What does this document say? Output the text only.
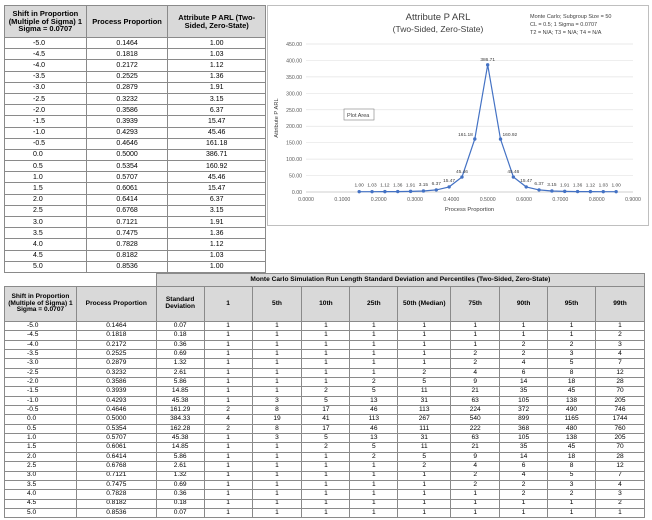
Shift in Proportion (Multiple of Sigma) 1 Sigma = 0.0707	Process Proportion	Attribute P ARL (Two-Sided, Zero-State)
-5.0	0.1464	1.00
-4.5	0.1818	1.03
-4.0	0.2172	1.12
-3.5	0.2525	1.36
-3.0	0.2879	1.91
-2.5	0.3232	3.15
-2.0	0.3586	6.37
-1.5	0.3939	15.47
-1.0	0.4293	45.46
-0.5	0.4646	161.18
0.0	0.5000	386.71
0.5	0.5354	160.92
1.0	0.5707	45.46
1.5	0.6061	15.47
2.0	0.6414	6.37
2.5	0.6768	3.15
3.0	0.7121	1.91
3.5	0.7475	1.36
4.0	0.7828	1.12
4.5	0.8182	1.03
5.0	0.8536	1.00
Attribute P ARL
(Two-Sided, Zero-State)
Monte Carlo; Subgroup Size = 50
CL = 0.5; 1 Sigma = 0.0707
T2 = N/A; T3 = N/A; T4 = N/A
0.00
50.00
100.00
150.00
200.00
250.00
300.00
350.00
400.00
450.00
0.0000	0.1000	0.2000	0.3000	0.4000	0.5000	0.6000	0.7000	0.8000	0.9000
Attribute P ARL
Process Proportion
1.00 1.03 1.12 1.36 1.91 3.15 6.37
15.47
45.46
161.18
386.71
160.92
45.46
15.47
6.37 3.15 1.91 1.36 1.12 1.03 1.00
Plot Area
		Monte Carlo Simulation Run Length Standard Deviation and Percentiles (Two-Sided, Zero-State)									
Shift in Proportion (Multiple of Sigma) 1 Sigma = 0.0707	Process Proportion	Standard Deviation	1	5th	10th	25th	50th (Median)	75th	90th	95th	99th
-5.0	0.1464	0.07	1	1	1	1	1	1	1	1	1
-4.5	0.1818	0.18	1	1	1	1	1	1	1	1	2
-4.0	0.2172	0.36	1	1	1	1	1	1	2	2	3
-3.5	0.2525	0.69	1	1	1	1	1	2	2	3	4
-3.0	0.2879	1.32	1	1	1	1	1	2	4	5	7
-2.5	0.3232	2.61	1	1	1	1	2	4	6	8	12
-2.0	0.3586	5.86	1	1	1	2	5	9	14	18	28
-1.5	0.3939	14.85	1	1	2	5	11	21	35	45	70
-1.0	0.4293	45.38	1	3	5	13	31	63	105	138	205
-0.5	0.4646	161.29	2	8	17	46	113	224	372	490	746
0.0	0.5000	384.33	4	19	41	113	267	540	899	1165	1744
0.5	0.5354	162.28	2	8	17	46	111	222	368	480	760
1.0	0.5707	45.38	1	3	5	13	31	63	105	138	205
1.5	0.6061	14.85	1	1	2	5	11	21	35	45	70
2.0	0.6414	5.86	1	1	1	2	5	9	14	18	28
2.5	0.6768	2.61	1	1	1	1	2	4	6	8	12
3.0	0.7121	1.32	1	1	1	1	1	2	4	5	7
3.5	0.7475	0.69	1	1	1	1	1	2	2	3	4
4.0	0.7828	0.36	1	1	1	1	1	1	2	2	3
4.5	0.8182	0.18	1	1	1	1	1	1	1	1	2
5.0	0.8536	0.07	1	1	1	1	1	1	1	1	1
